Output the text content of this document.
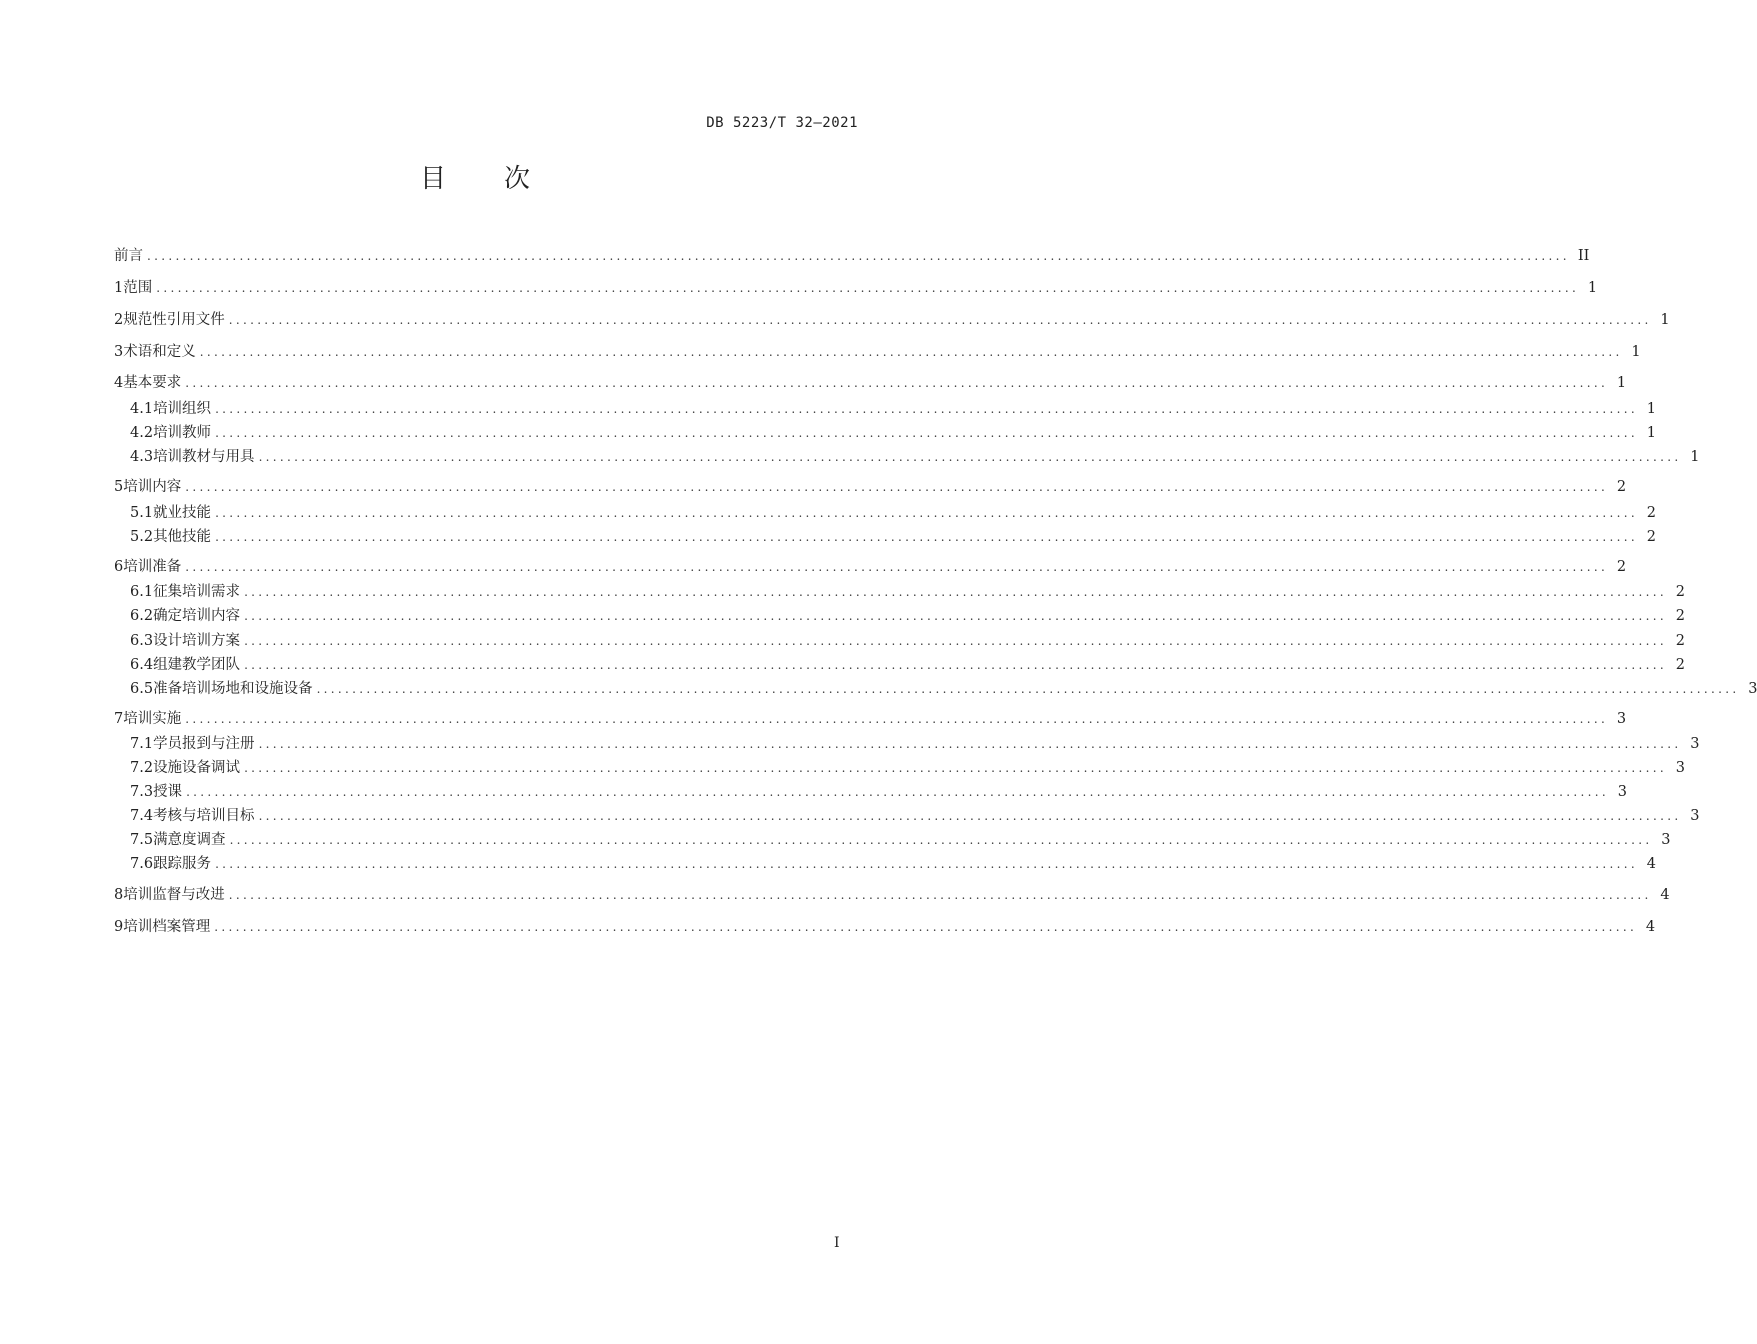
DB 5223/T 32—2021
目 次
前言 ........................................................................................................................................................................................................ II
1 范围 ........................................................................................................................................................................................................ 1
2 规范性引用文件 ........................................................................................................................................................................................................ 1
3 术语和定义 ........................................................................................................................................................................................................ 1
4 基本要求 ........................................................................................................................................................................................................ 1
4.1 培训组织 ........................................................................................................................................................................................................ 1
4.2 培训教师 ........................................................................................................................................................................................................ 1
4.3 培训教材与用具 ........................................................................................................................................................................................................ 1
5 培训内容 ........................................................................................................................................................................................................ 2
5.1 就业技能 ........................................................................................................................................................................................................ 2
5.2 其他技能 ........................................................................................................................................................................................................ 2
6 培训准备 ........................................................................................................................................................................................................ 2
6.1 征集培训需求 ........................................................................................................................................................................................................ 2
6.2 确定培训内容 ........................................................................................................................................................................................................ 2
6.3 设计培训方案 ........................................................................................................................................................................................................ 2
6.4 组建教学团队 ........................................................................................................................................................................................................ 2
6.5 准备培训场地和设施设备 ........................................................................................................................................................................................................ 3
7 培训实施 ........................................................................................................................................................................................................ 3
7.1 学员报到与注册 ........................................................................................................................................................................................................ 3
7.2 设施设备调试 ........................................................................................................................................................................................................ 3
7.3 授课 ........................................................................................................................................................................................................ 3
7.4 考核与培训目标 ........................................................................................................................................................................................................ 3
7.5 满意度调查 ........................................................................................................................................................................................................ 3
7.6 跟踪服务 ........................................................................................................................................................................................................ 4
8 培训监督与改进 ........................................................................................................................................................................................................ 4
9 培训档案管理 ........................................................................................................................................................................................................ 4
I
